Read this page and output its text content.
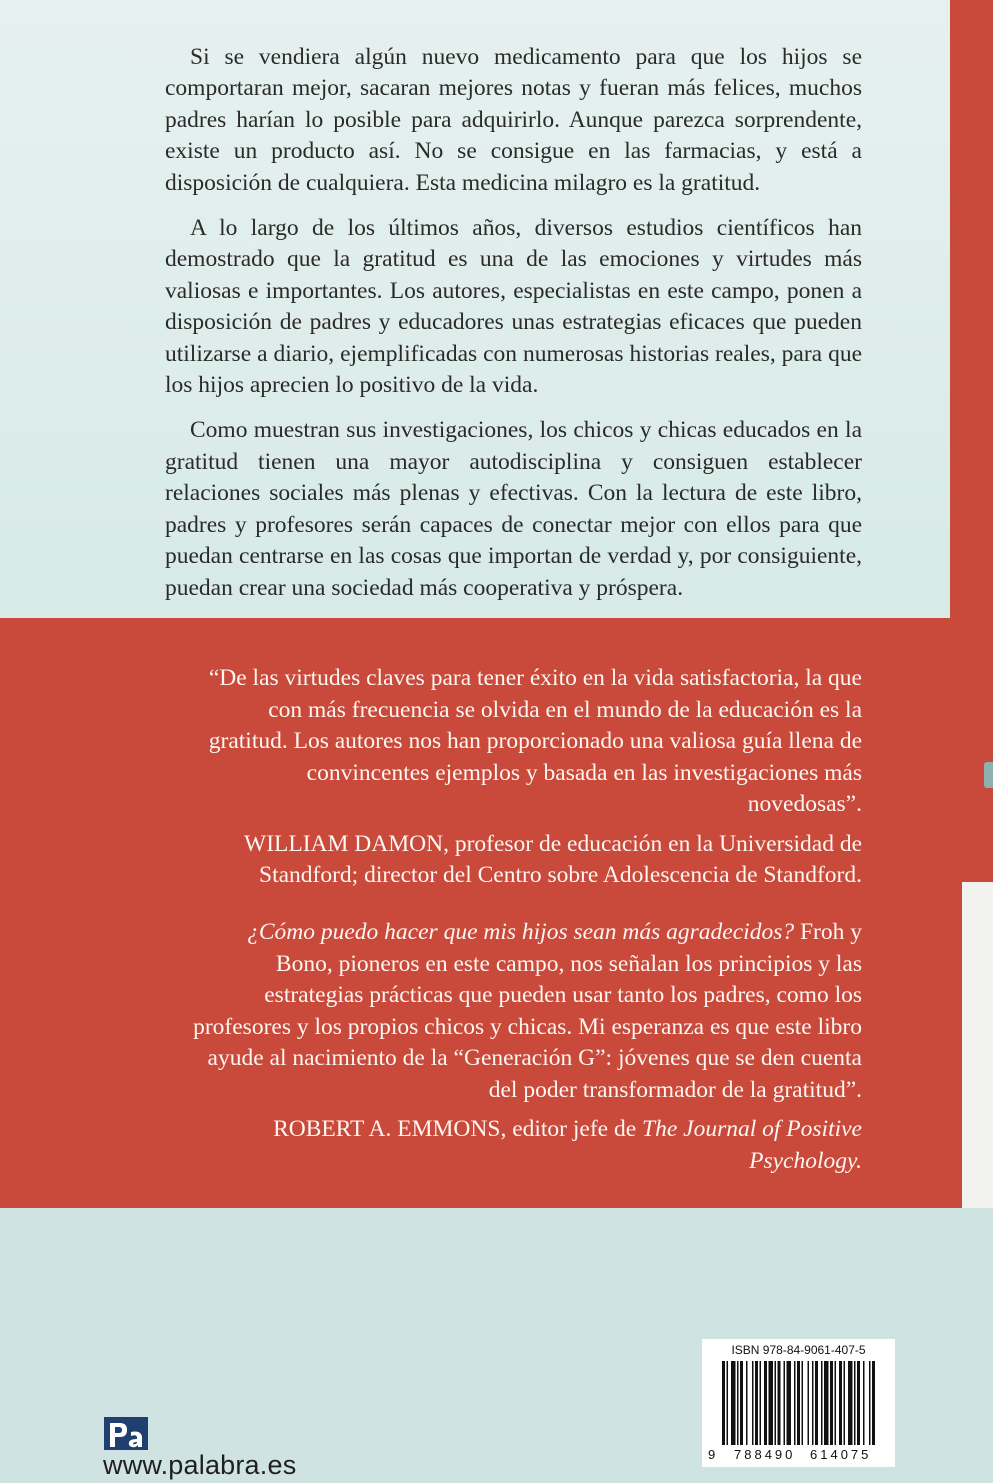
Si se vendiera algún nuevo medicamento para que los hijos se comportaran mejor, sacaran mejores notas y fueran más felices, muchos padres harían lo posible para adquirirlo. Aunque parezca sorprendente, existe un producto así. No se consigue en las farmacias, y está a disposición de cualquiera. Esta medicina milagro es la gratitud.

A lo largo de los últimos años, diversos estudios científicos han demostrado que la gratitud es una de las emociones y virtudes más valiosas e importantes. Los autores, especialistas en este campo, ponen a disposición de padres y educadores unas estrategias eficaces que pueden utilizarse a diario, ejemplificadas con numerosas historias reales, para que los hijos aprecien lo positivo de la vida.

Como muestran sus investigaciones, los chicos y chicas educados en la gratitud tienen una mayor autodisciplina y consiguen establecer relaciones sociales más plenas y efectivas. Con la lectura de este libro, padres y profesores serán capaces de conectar mejor con ellos para que puedan centrarse en las cosas que importan de verdad y, por consiguiente, puedan crear una sociedad más cooperativa y próspera.

“De las virtudes claves para tener éxito en la vida satisfactoria, la que con más frecuencia se olvida en el mundo de la educación es la gratitud. Los autores nos han proporcionado una valiosa guía llena de convincentes ejemplos y basada en las investigaciones más novedosas”.

WILLIAM DAMON, profesor de educación en la Universidad de Standford; director del Centro sobre Adolescencia de Standford.

¿Cómo puedo hacer que mis hijos sean más agradecidos? Froh y Bono, pioneros en este campo, nos señalan los principios y las estrategias prácticas que pueden usar tanto los padres, como los profesores y los propios chicos y chicas. Mi esperanza es que este libro ayude al nacimiento de la “Generación G”: jóvenes que se den cuenta del poder transformador de la gratitud”.

ROBERT A. EMMONS, editor jefe de The Journal of Positive Psychology.

www.palabra.es
ISBN 978-84-9061-407-5
9 788490 614075
